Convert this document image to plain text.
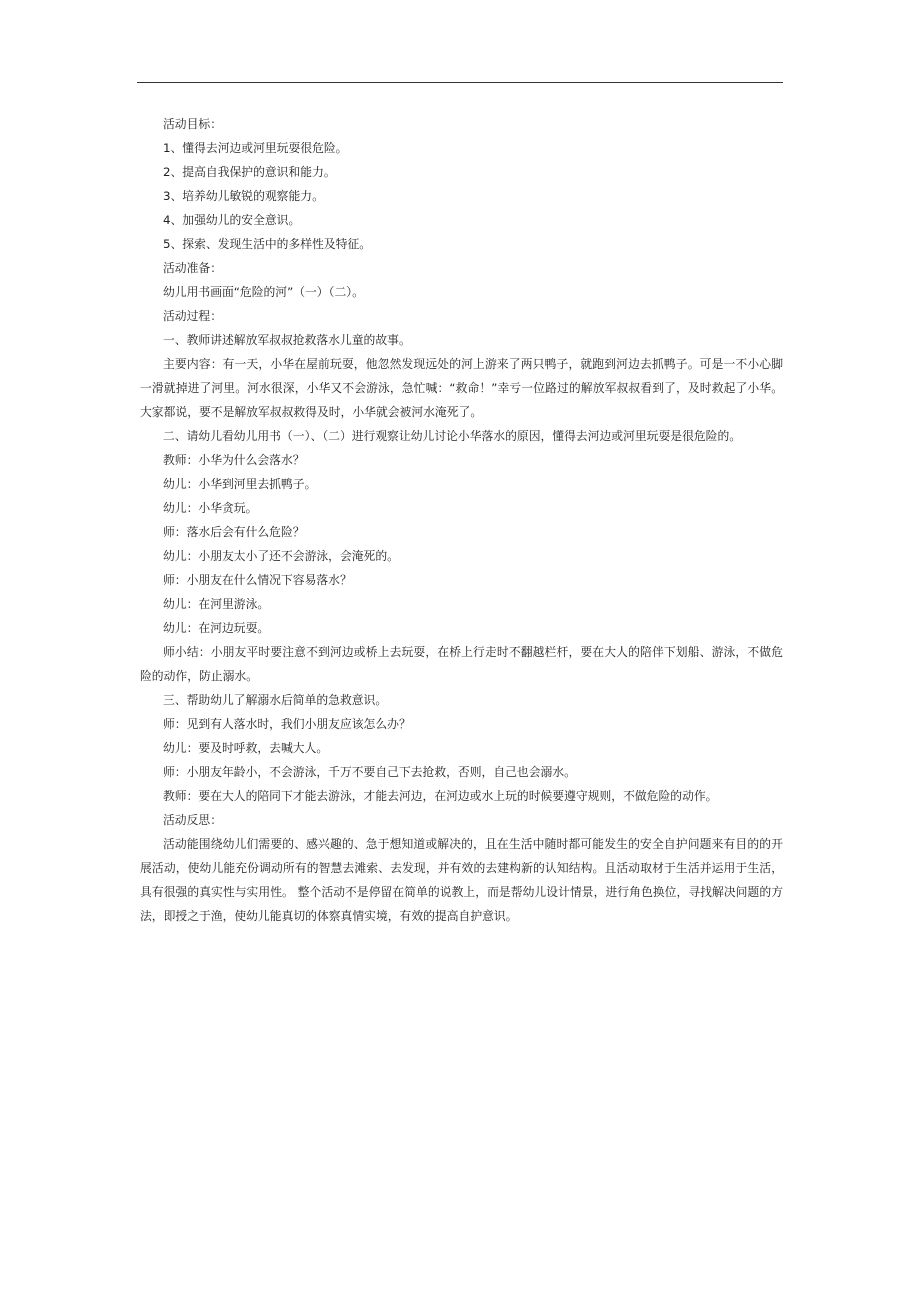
活动目标：

1、懂得去河边或河里玩耍很危险。

2、提高自我保护的意识和能力。

3、培养幼儿敏锐的观察能力。

4、加强幼儿的安全意识。

5、探索、发现生活中的多样性及特征。

活动准备：

幼儿用书画面“危险的河”（一）（二）。

活动过程：

一、教师讲述解放军叔叔抢救落水儿童的故事。

主要内容：有一天，小华在屋前玩耍，他忽然发现远处的河上游来了两只鸭子，就跑到河边去抓鸭子。可是一不小心脚一滑就掉进了河里。河水很深，小华又不会游泳，急忙喊：“救命！”幸亏一位路过的解放军叔叔看到了，及时救起了小华。大家都说，要不是解放军叔叔救得及时，小华就会被河水淹死了。

二、请幼儿看幼儿用书（一）、（二）进行观察让幼儿讨论小华落水的原因，懂得去河边或河里玩耍是很危险的。

教师：小华为什么会落水？

幼儿：小华到河里去抓鸭子。

幼儿：小华贪玩。

师：落水后会有什么危险？

幼儿：小朋友太小了还不会游泳，会淹死的。

师：小朋友在什么情况下容易落水？

幼儿：在河里游泳。

幼儿：在河边玩耍。

师小结：小朋友平时要注意不到河边或桥上去玩耍，在桥上行走时不翻越栏杆，要在大人的陪伴下划船、游泳，不做危险的动作，防止溺水。

三、帮助幼儿了解溺水后简单的急救意识。

师：见到有人落水时，我们小朋友应该怎么办？

幼儿：要及时呼救，去喊大人。

师：小朋友年龄小，不会游泳，千万不要自己下去抢救，否则，自己也会溺水。

教师：要在大人的陪同下才能去游泳，才能去河边，在河边或水上玩的时候要遵守规则，不做危险的动作。

活动反思：

活动能围绕幼儿们需要的、感兴趣的、急于想知道或解决的，且在生活中随时都可能发生的安全自护问题来有目的的开展活动，使幼儿能充份调动所有的智慧去滩索、去发现，并有效的去建构新的认知结构。且活动取材于生活并运用于生活，具有很强的真实性与实用性。 整个活动不是停留在简单的说教上，而是帮幼儿设计情景，进行角色换位，寻找解决问题的方法，即授之于渔，使幼儿能真切的体察真情实境，有效的提高自护意识。
